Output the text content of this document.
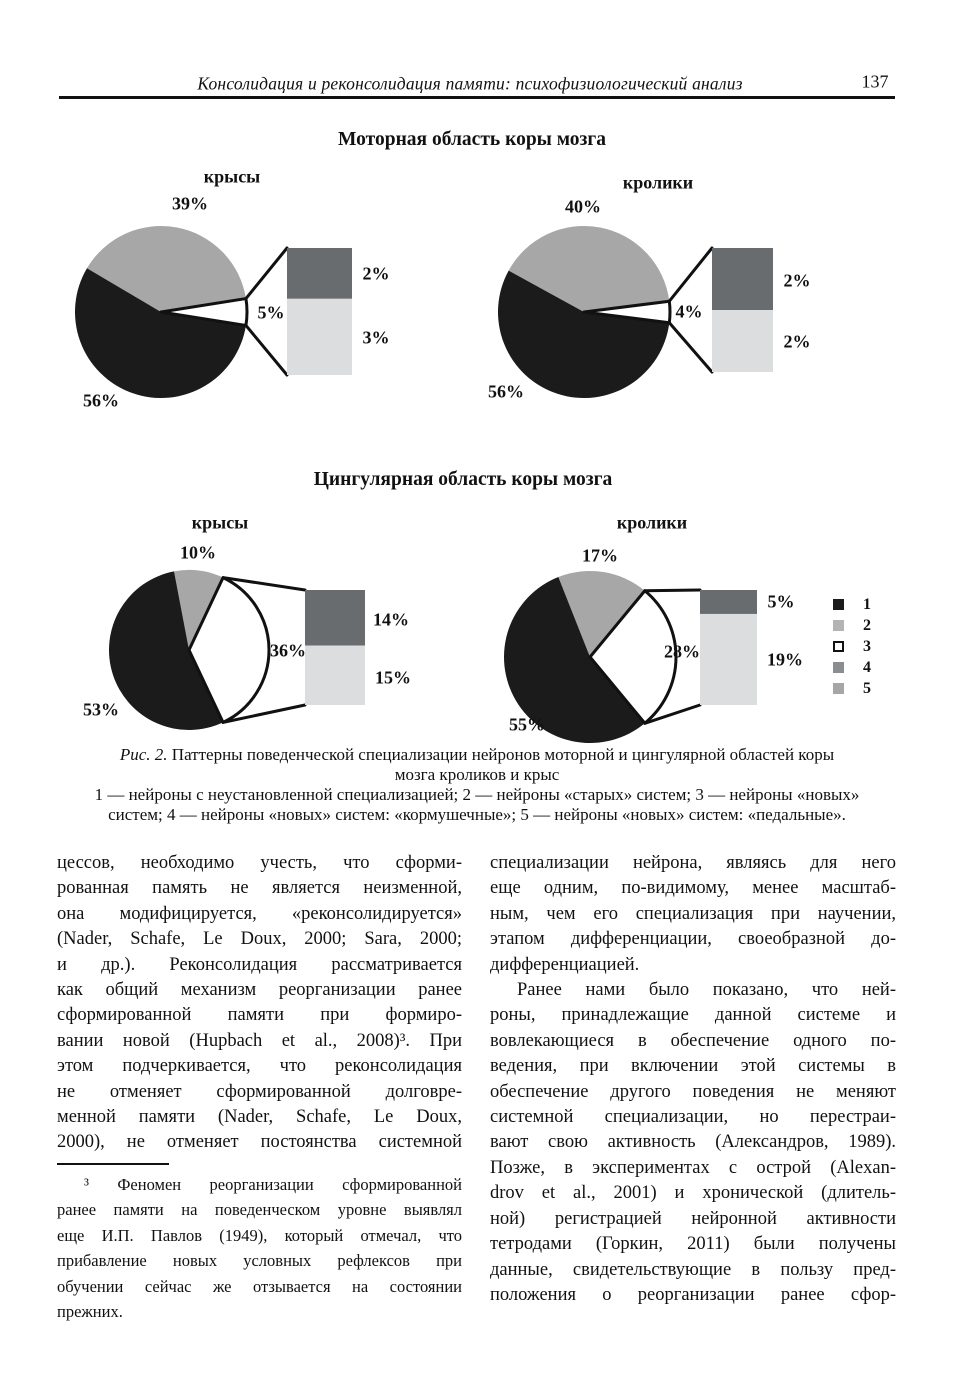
Консолидация и реконсолидация памяти: психофизиологический анализ	137
Моторная область коры мозга
Цингулярная область коры мозга
крысы
39%
56%
5%
2%
3%
кролики
40%
56%
4%
2%
2%
крысы
10%
53%
36%
14%
15%
кролики
17%
55%
28%
5%
19%
1
2
3
4
5
Рис. 2. Паттерны поведенческой специализации нейронов моторной и цингулярной областей коры
мозга кроликов и крыс
1 — нейроны с неустановленной специализацией; 2 — нейроны «старых» систем; 3 — нейроны «новых»
систем; 4 — нейроны «новых» систем: «кормушечные»; 5 — нейроны «новых» систем: «педальные».
цессов, необходимо учесть, что сформи-
рованная память не является неизменной,
она модифицируется, «реконсолидируется»
(Nader, Schafe, Le Doux, 2000; Sara, 2000;
и др.). Реконсолидация рассматривается
как общий механизм реорганизации ранее
сформированной памяти при формиро-
вании новой (Hupbach et al., 2008)³. При
этом подчеркивается, что реконсолидация
не отменяет сформированной долговре-
менной памяти (Nader, Schafe, Le Doux,
2000), не отменяет постоянства системной
специализации нейрона, являясь для него
еще одним, по-видимому, менее масштаб-
ным, чем его специализация при научении,
этапом дифференциации, своеобразной до-
дифференциацией.
Ранее нами было показано, что ней-
роны, принадлежащие данной системе и
вовлекающиеся в обеспечение одного по-
ведения, при включении этой системы в
обеспечение другого поведения не меняют
системной специализации, но перестраи-
вают свою активность (Александров, 1989).
Позже, в экспериментах с острой (Alexan-
drov et al., 2001) и хронической (длитель-
ной) регистрацией нейронной активности
тетродами (Горкин, 2011) были получены
данные, свидетельствующие в пользу пред-
положения о реорганизации ранее сфор-
³ Феномен реорганизации сформированной
ранее памяти на поведенческом уровне выявлял
еще И.П. Павлов (1949), который отмечал, что
прибавление новых условных рефлексов при
обучении сейчас же отзывается на состоянии
прежних.
